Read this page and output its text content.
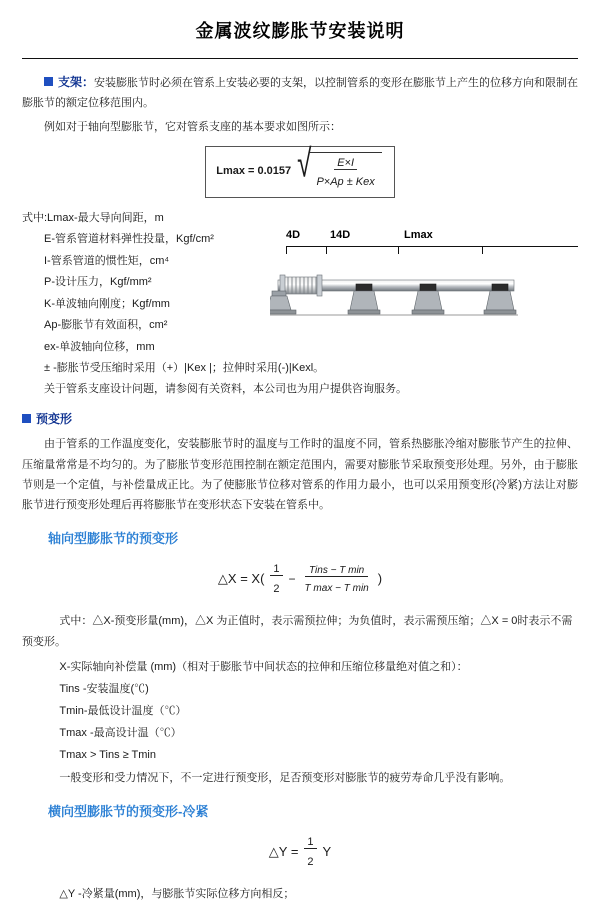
金属波纹膨胀节安装说明
支架：安装膨胀节时必须在管系上安装必要的支架，以控制管系的变形在膨胀节上产生的位移方向和限制在膨胀节的额定位移范围内。
例如对于轴向型膨胀节，它对管系支座的基本要求如图所示：
Lmax = 0.0157 √ $\frac{E\times I}{\text{P×Ap ± Kex}}$
式中:Lmax-最大导向间距，m
E-管系管道材料弹性投量，Kgf/cm²
I-管系管道的惯性矩，cm⁴
P-设计压力，Kgf/mm²
K-单波轴向刚度；Kgf/mm
Ap-膨胀节有效面积，cm²
ex-单波轴向位移，mm
4D	14D	Lmax
± -膨胀节受压缩时采用（+）|Kex |；拉伸时采用(-)|Kexl。
关于管系支座设计问题，请参阅有关资料，本公司也为用户提供咨询服务。
预变形
由于管系的工作温度变化，安装膨胀节时的温度与工作时的温度不同，管系热膨胀冷缩对膨胀节产生的拉伸、压缩量常常是不均匀的。为了膨胀节变形范围控制在额定范围内，需要对膨胀节采取预变形处理。另外，由于膨胀节则是一个定值，与补偿量成正比。为了使膨胀节位移对管系的作用力最小，也可以采用预变形(冷紧)方法让对膨胀节进行预变形处理后再将膨胀节在变形状态下安装在管系中。
轴向型膨胀节的预变形
△X = $X( \frac{1}{2} - \frac{\text{Tins − T min}}{\text{T max − T min}}$ )
式中：△X-预变形量(mm)，△X 为正值时，表示需预拉伸；为负值时，表示需预压缩；△X = 0时表示不需预变形。
X-实际轴向补偿量 (mm)（相对于膨胀节中间状态的拉伸和压缩位移量绝对值之和）：
Tins -安装温度(℃)
Tmin-最低设计温度（℃）
Tmax -最高设计温（℃）
Tmax > Tins ≥ Tmin
一般变形和受力情况下，不一定进行预变形，足否预变形对膨胀节的疲劳寿命几乎没有影响。
横向型膨胀节的预变形-冷紧
△Y = $\frac{1}{2}$ Y
△Y -冷紧量(mm)，与膨胀节实际位移方向相反；
